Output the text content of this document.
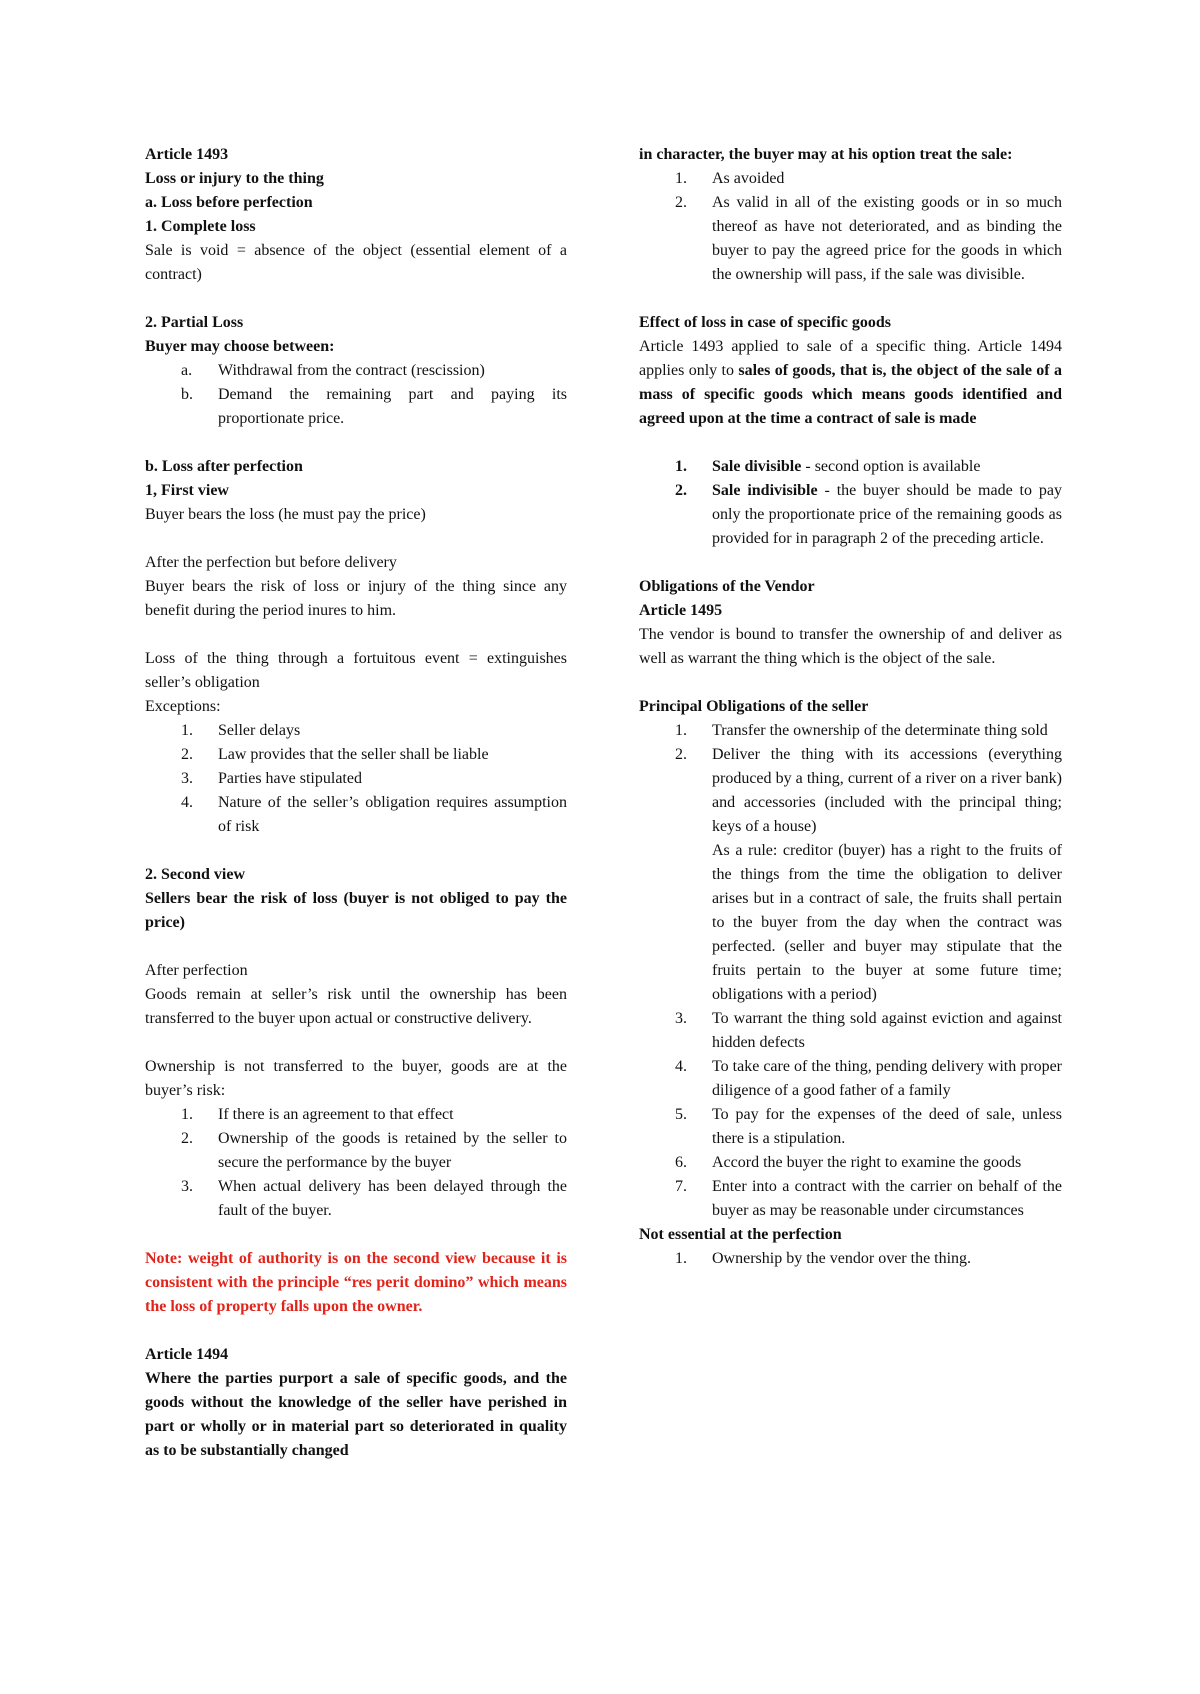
Article 1493

Loss or injury to the thing

a. Loss before perfection

1. Complete loss

Sale is void = absence of the object (essential element of a contract)

2. Partial Loss

Buyer may choose between:

a. Withdrawal from the contract (rescission)
b. Demand the remaining part and paying its proportionate price.

b. Loss after perfection

1, First view

Buyer bears the loss (he must pay the price)

After the perfection but before delivery

Buyer bears the risk of loss or injury of the thing since any benefit during the period inures to him.

Loss of the thing through a fortuitous event = extinguishes seller’s obligation

Exceptions:

1. Seller delays
2. Law provides that the seller shall be liable
3. Parties have stipulated
4. Nature of the seller’s obligation requires assumption of risk

2. Second view

Sellers bear the risk of loss (buyer is not obliged to pay the price)

After perfection

Goods remain at seller’s risk until the ownership has been transferred to the buyer upon actual or constructive delivery.

Ownership is not transferred to the buyer, goods are at the buyer’s risk:

1. If there is an agreement to that effect
2. Ownership of the goods is retained by the seller to secure the performance by the buyer
3. When actual delivery has been delayed through the fault of the buyer.

Note: weight of authority is on the second view because it is consistent with the principle “res perit domino” which means the loss of property falls upon the owner.

Article 1494

Where the parties purport a sale of specific goods, and the goods without the knowledge of the seller have perished in part or wholly or in material part so deteriorated in quality as to be substantially changed

in character, the buyer may at his option treat the sale:

1. As avoided
2. As valid in all of the existing goods or in so much thereof as have not deteriorated, and as binding the buyer to pay the agreed price for the goods in which the ownership will pass, if the sale was divisible.

Effect of loss in case of specific goods

Article 1493 applied to sale of a specific thing. Article 1494 applies only to sales of goods, that is, the object of the sale of a mass of specific goods which means goods identified and agreed upon at the time a contract of sale is made

1. Sale divisible - second option is available
2. Sale indivisible - the buyer should be made to pay only the proportionate price of the remaining goods as provided for in paragraph 2 of the preceding article.

Obligations of the Vendor

Article 1495

The vendor is bound to transfer the ownership of and deliver as well as warrant the thing which is the object of the sale.

Principal Obligations of the seller

1. Transfer the ownership of the determinate thing sold
2. Deliver the thing with its accessions (everything produced by a thing, current of a river on a river bank) and accessories (included with the principal thing; keys of a house)

As a rule: creditor (buyer) has a right to the fruits of the things from the time the obligation to deliver arises but in a contract of sale, the fruits shall pertain to the buyer from the day when the contract was perfected. (seller and buyer may stipulate that the fruits pertain to the buyer at some future time; obligations with a period)

3. To warrant the thing sold against eviction and against hidden defects
4. To take care of the thing, pending delivery with proper diligence of a good father of a family
5. To pay for the expenses of the deed of sale, unless there is a stipulation.
6. Accord the buyer the right to examine the goods
7. Enter into a contract with the carrier on behalf of the buyer as may be reasonable under circumstances

Not essential at the perfection

1. Ownership by the vendor over the thing.
